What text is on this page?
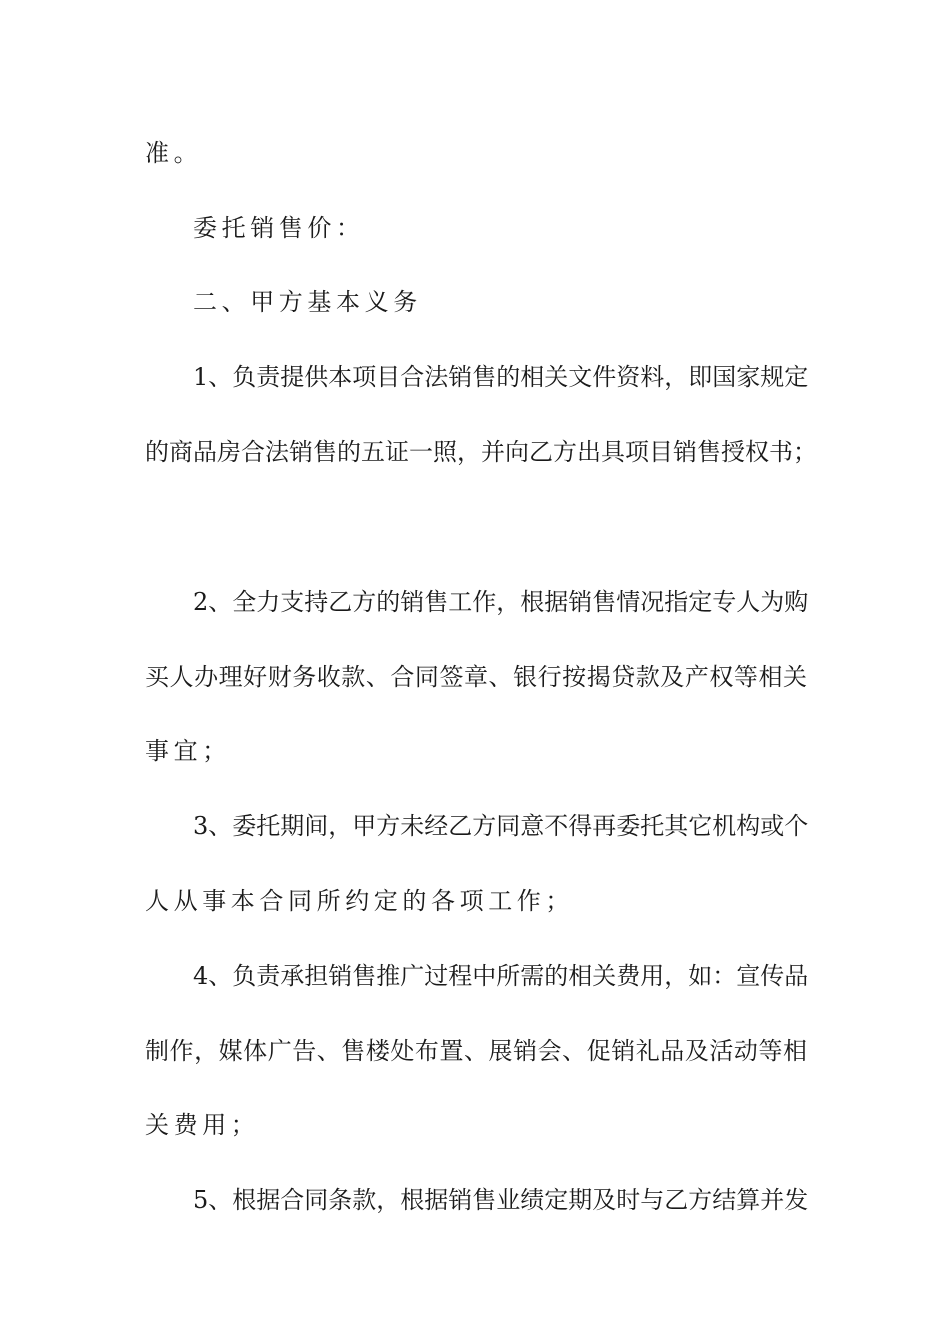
准。
委托销售价：
二、甲方基本义务
1、负责提供本项目合法销售的相关文件资料，即国家规定
的商品房合法销售的五证一照，并向乙方出具项目销售授权书；
2、全力支持乙方的销售工作，根据销售情况指定专人为购
买人办理好财务收款、合同签章、银行按揭贷款及产权等相关
事宜；
3、委托期间，甲方未经乙方同意不得再委托其它机构或个
人从事本合同所约定的各项工作；
4、负责承担销售推广过程中所需的相关费用，如：宣传品
制作，媒体广告、售楼处布置、展销会、促销礼品及活动等相
关费用；
5、根据合同条款，根据销售业绩定期及时与乙方结算并发
